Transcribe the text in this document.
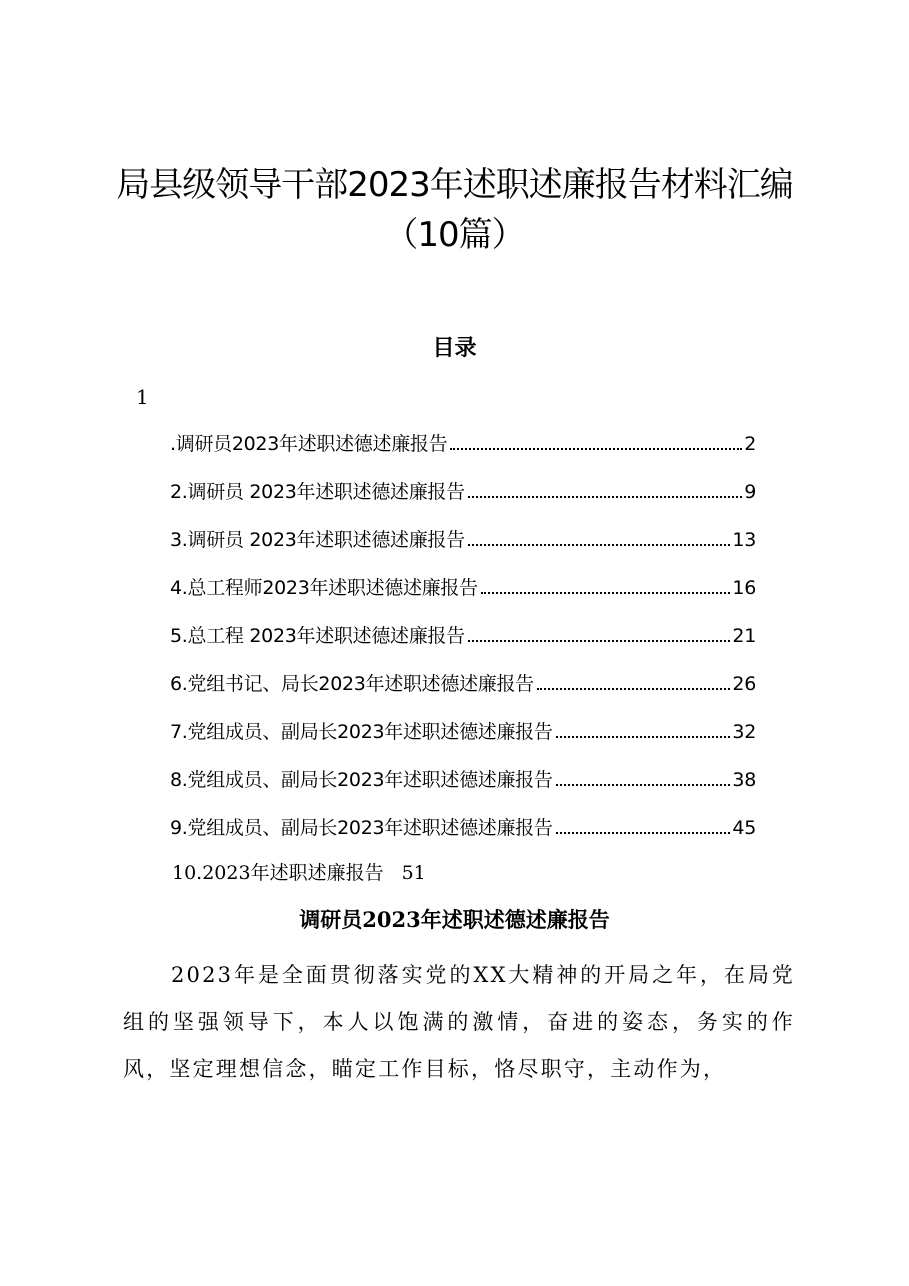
局县级领导干部2023年述职述廉报告材料汇编（10篇）
目录
1
.调研员2023年述职述德述廉报告	2
2.调研员 2023年述职述德述廉报告	9
3.调研员 2023年述职述德述廉报告	13
4.总工程师2023年述职述德述廉报告	16
5.总工程 2023年述职述德述廉报告	21
6.党组书记、局长2023年述职述德述廉报告	26
7.党组成员、副局长2023年述职述德述廉报告	32
8.党组成员、副局长2023年述职述德述廉报告	38
9.党组成员、副局长2023年述职述德述廉报告	45
10.2023年述职述廉报告 51
调研员2023年述职述德述廉报告

2023年是全面贯彻落实党的XX大精神的开局之年，在局党组的坚强领导下，本人以饱满的激情，奋进的姿态，务实的作风，坚定理想信念，瞄定工作目标，恪尽职守，主动作为，
